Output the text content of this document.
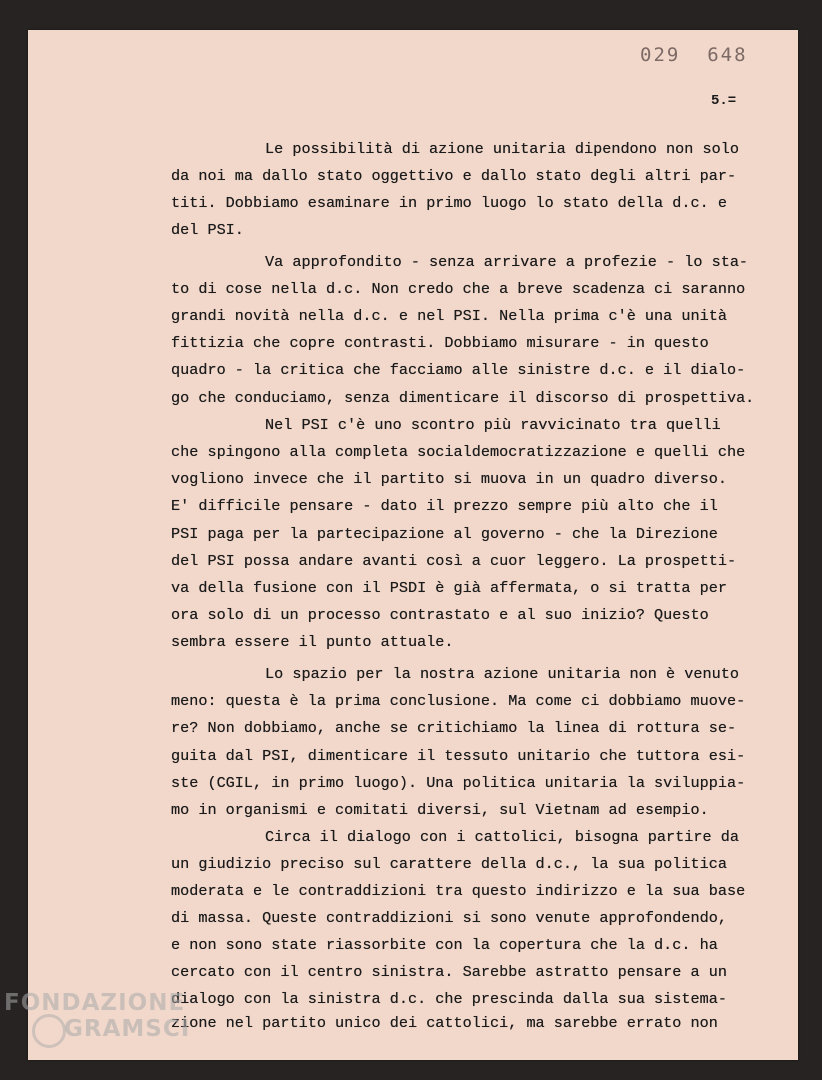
029  648
5.=
Le possibilità di azione unitaria dipendono non solo
da noi ma dallo stato oggettivo e dallo stato degli altri par-
titi. Dobbiamo esaminare in primo luogo lo stato della d.c. e
del PSI.
Va approfondito - senza arrivare a profezie - lo sta-
to di cose nella d.c. Non credo che a breve scadenza ci saranno
grandi novità nella d.c. e nel PSI. Nella prima c'è una unità
fittizia che copre contrasti. Dobbiamo misurare - in questo
quadro - la critica che facciamo alle sinistre d.c. e il dialo-
go che conduciamo, senza dimenticare il discorso di prospettiva.
Nel PSI c'è uno scontro più ravvicinato tra quelli
che spingono alla completa socialdemocratizzazione e quelli che
vogliono invece che il partito si muova in un quadro diverso.
E' difficile pensare - dato il prezzo sempre più alto che il
PSI paga per la partecipazione al governo - che la Direzione
del PSI possa andare avanti così a cuor leggero. La prospetti-
va della fusione con il PSDI è già affermata, o si tratta per
ora solo di un processo contrastato e al suo inizio? Questo
sembra essere il punto attuale.
Lo spazio per la nostra azione unitaria non è venuto
meno: questa è la prima conclusione. Ma come ci dobbiamo muove-
re? Non dobbiamo, anche se critichiamo la linea di rottura se-
guita dal PSI, dimenticare il tessuto unitario che tuttora esi-
ste (CGIL, in primo luogo). Una politica unitaria la sviluppia-
mo in organismi e comitati diversi, sul Vietnam ad esempio.
Circa il dialogo con i cattolici, bisogna partire da
un giudizio preciso sul carattere della d.c., la sua politica
moderata e le contraddizioni tra questo indirizzo e la sua base
di massa. Queste contraddizioni si sono venute approfondendo,
e non sono state riassorbite con la copertura che la d.c. ha
cercato con il centro sinistra. Sarebbe astratto pensare a un
dialogo con la sinistra d.c. che prescinda dalla sua sistema-
zione nel partito unico dei cattolici, ma sarebbe errato non
FONDAZIONE
GRAMSCI
